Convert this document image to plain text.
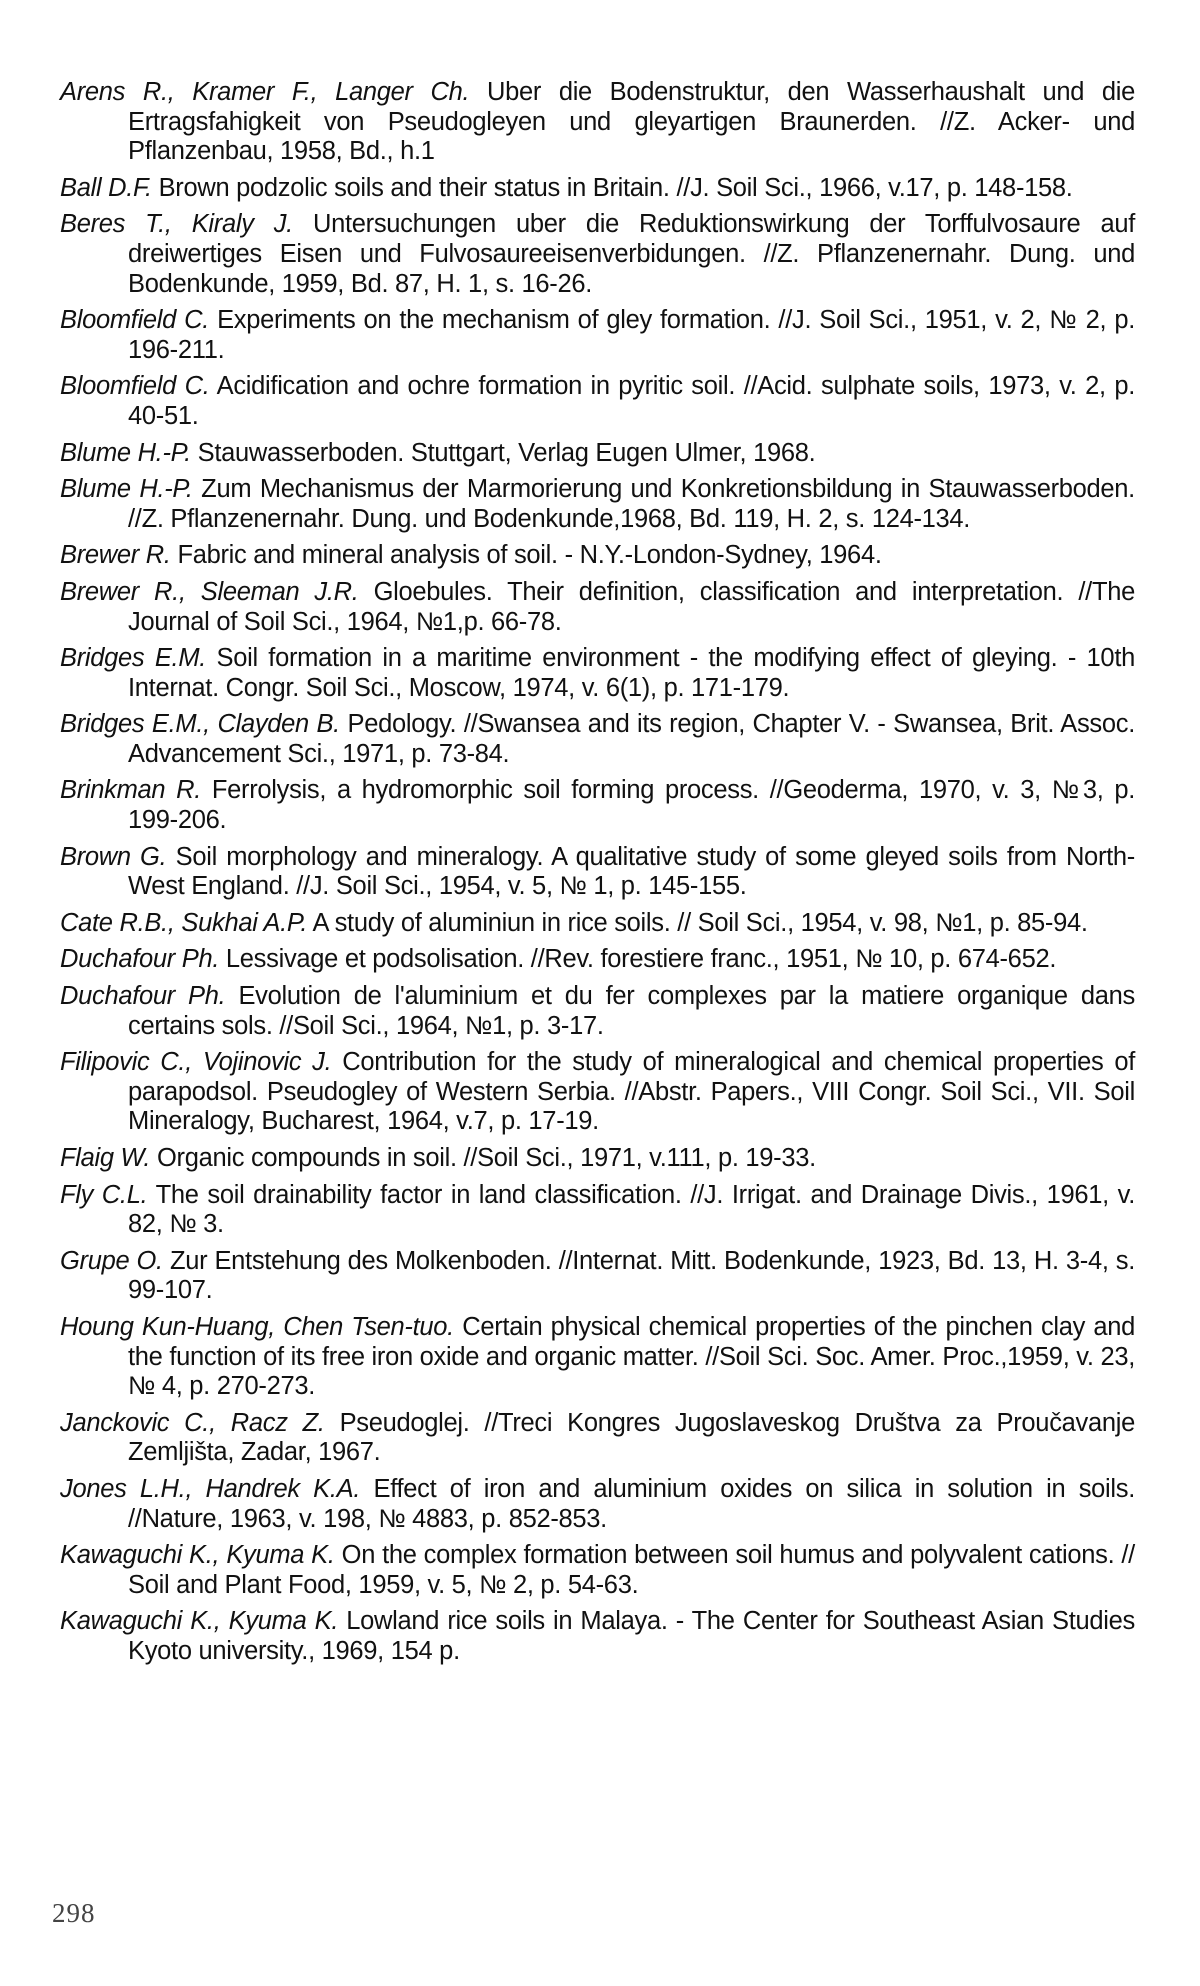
Arens R., Kramer F., Langer Ch. Uber die Bodenstruktur, den Wasserhaushalt und die Ertragsfahigkeit von Pseudogleyen und gleyartigen Braunerden. //Z. Acker- und Pflanzenbau, 1958, Bd., h.1

Ball D.F. Brown podzolic soils and their status in Britain. //J. Soil Sci., 1966, v.17, p. 148-158.

Beres T., Kiraly J. Untersuchungen uber die Reduktionswirkung der Torffulvosaure auf dreiwertiges Eisen und Fulvosaureeisenverbidungen. //Z. Pflanzenernahr. Dung. und Bodenkunde, 1959, Bd. 87, H. 1, s. 16-26.

Bloomfield C. Experiments on the mechanism of gley formation. //J. Soil Sci., 1951, v. 2, № 2, p. 196-211.

Bloomfield C. Acidification and ochre formation in pyritic soil. //Acid. sulphate soils, 1973, v. 2, p. 40-51.

Blume H.-P. Stauwasserboden. Stuttgart, Verlag Eugen Ulmer, 1968.

Blume H.-P. Zum Mechanismus der Marmorierung und Konkretionsbildung in Stauwasserboden. //Z. Pflanzenernahr. Dung. und Bodenkunde,1968, Bd. 119, H. 2, s. 124-134.

Brewer R. Fabric and mineral analysis of soil. - N.Y.-London-Sydney, 1964.

Brewer R., Sleeman J.R. Gloebules. Their definition, classification and interpretation. //The Journal of Soil Sci., 1964, №1,p. 66-78.

Bridges E.M. Soil formation in a maritime environment - the modifying effect of gleying. - 10th Internat. Congr. Soil Sci., Moscow, 1974, v. 6(1), p. 171-179.

Bridges E.M., Clayden B. Pedology. //Swansea and its region, Chapter V. - Swansea, Brit. Assoc. Advancement Sci., 1971, p. 73-84.

Brinkman R. Ferrolysis, a hydromorphic soil forming process. //Geoderma, 1970, v. 3, №3, p. 199-206.

Brown G. Soil morphology and mineralogy. A qualitative study of some gleyed soils from North-West England. //J. Soil Sci., 1954, v. 5, № 1, p. 145-155.

Cate R.B., Sukhai A.P. A study of aluminiun in rice soils. // Soil Sci., 1954, v. 98, №1, p. 85-94.

Duchafour Ph. Lessivage et podsolisation. //Rev. forestiere franc., 1951, № 10, p. 674-652.

Duchafour Ph. Evolution de l'aluminium et du fer complexes par la matiere organique dans certains sols. //Soil Sci., 1964, №1, p. 3-17.

Filipovic C., Vojinovic J. Contribution for the study of mineralogical and chemical properties of parapodsol. Pseudogley of Western Serbia. //Abstr. Papers., VIII Congr. Soil Sci., VII. Soil Mineralogy, Bucharest, 1964, v.7, p. 17-19.

Flaig W. Organic compounds in soil. //Soil Sci., 1971, v.111, p. 19-33.

Fly C.L. The soil drainability factor in land classification. //J. Irrigat. and Drainage Divis., 1961, v. 82, № 3.

Grupe O. Zur Entstehung des Molkenboden. //Internat. Mitt. Bodenkunde, 1923, Bd. 13, H. 3-4, s. 99-107.

Houng Kun-Huang, Chen Tsen-tuo. Certain physical chemical properties of the pinchen clay and the function of its free iron oxide and organic matter. //Soil Sci. Soc. Amer. Proc.,1959, v. 23, № 4, p. 270-273.

Janckovic C., Racz Z. Pseudoglej. //Treci Kongres Jugoslaveskog Društva za Proučavanje Zemljišta, Zadar, 1967.

Jones L.H., Handrek K.A. Effect of iron and aluminium oxides on silica in solution in soils. //Nature, 1963, v. 198, № 4883, p. 852-853.

Kawaguchi K., Kyuma K. On the complex formation between soil humus and polyvalent cations. // Soil and Plant Food, 1959, v. 5, № 2, p. 54-63.

Kawaguchi K., Kyuma K. Lowland rice soils in Malaya. - The Center for Southeast Asian Studies Kyoto university., 1969, 154 p.

298
